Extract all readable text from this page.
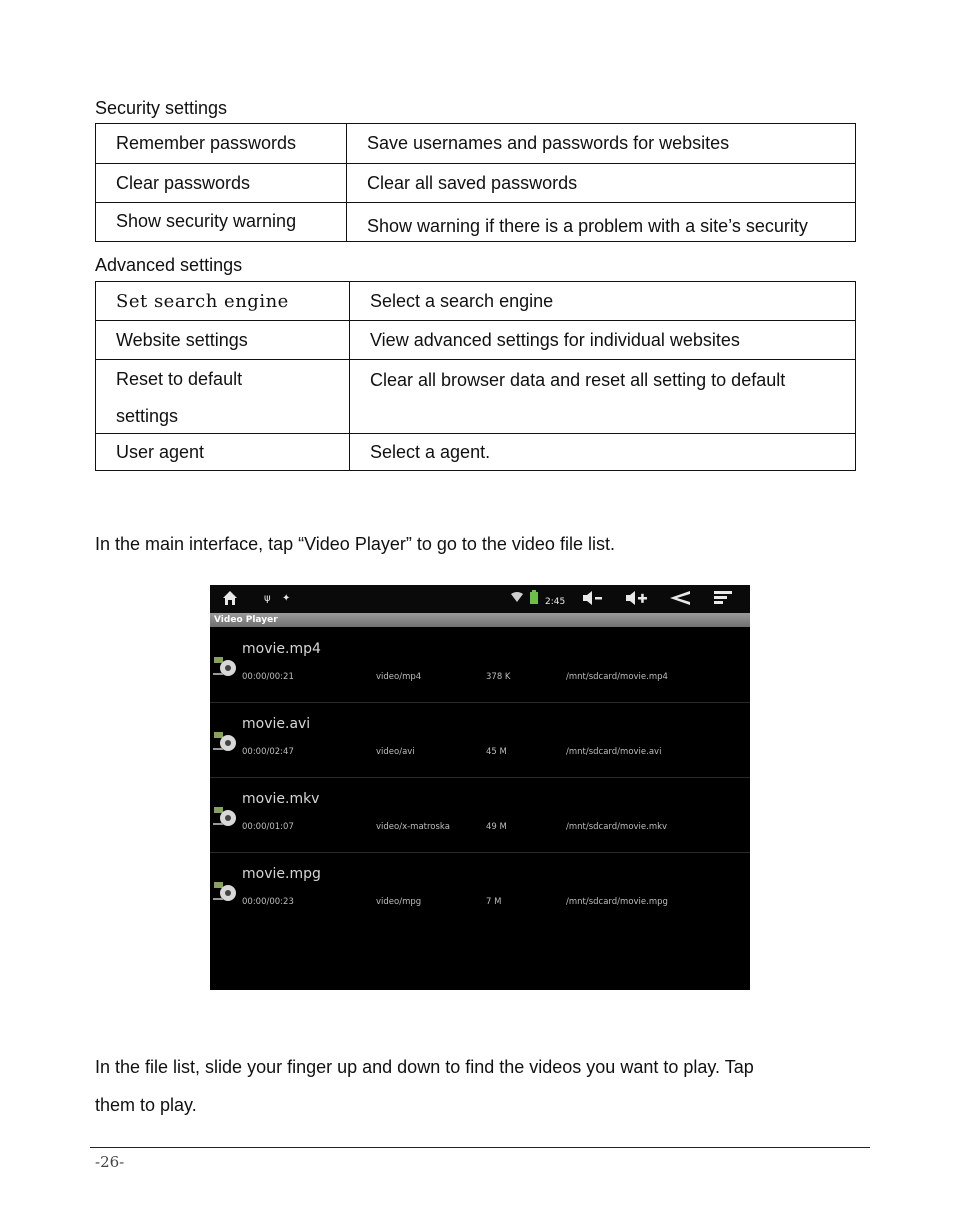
Security settings
Remember passwords	Save usernames and passwords for websites
Clear passwords	Clear all saved passwords
Show security warning	Show warning if there is a problem with a site’s security
Advanced settings
Set search engine	Select a search engine
Website settings	View advanced settings for individual websites

Reset to default
settings	Clear all browser data and reset all setting to default
User agent	Select a agent.
In the main interface, tap “Video Player” to go to the video file list.
ψ ✦	2:45
Video Player
movie.mp4
00:00/00:21	video/mp4	378 K	/mnt/sdcard/movie.mp4
movie.avi
00:00/02:47	video/avi	45 M	/mnt/sdcard/movie.avi
movie.mkv
00:00/01:07	video/x-matroska	49 M	/mnt/sdcard/movie.mkv
movie.mpg
00:00/00:23	video/mpg	7 M	/mnt/sdcard/movie.mpg
In the file list, slide your finger up and down to find the videos you want to play. Tap
them to play.
-26-
